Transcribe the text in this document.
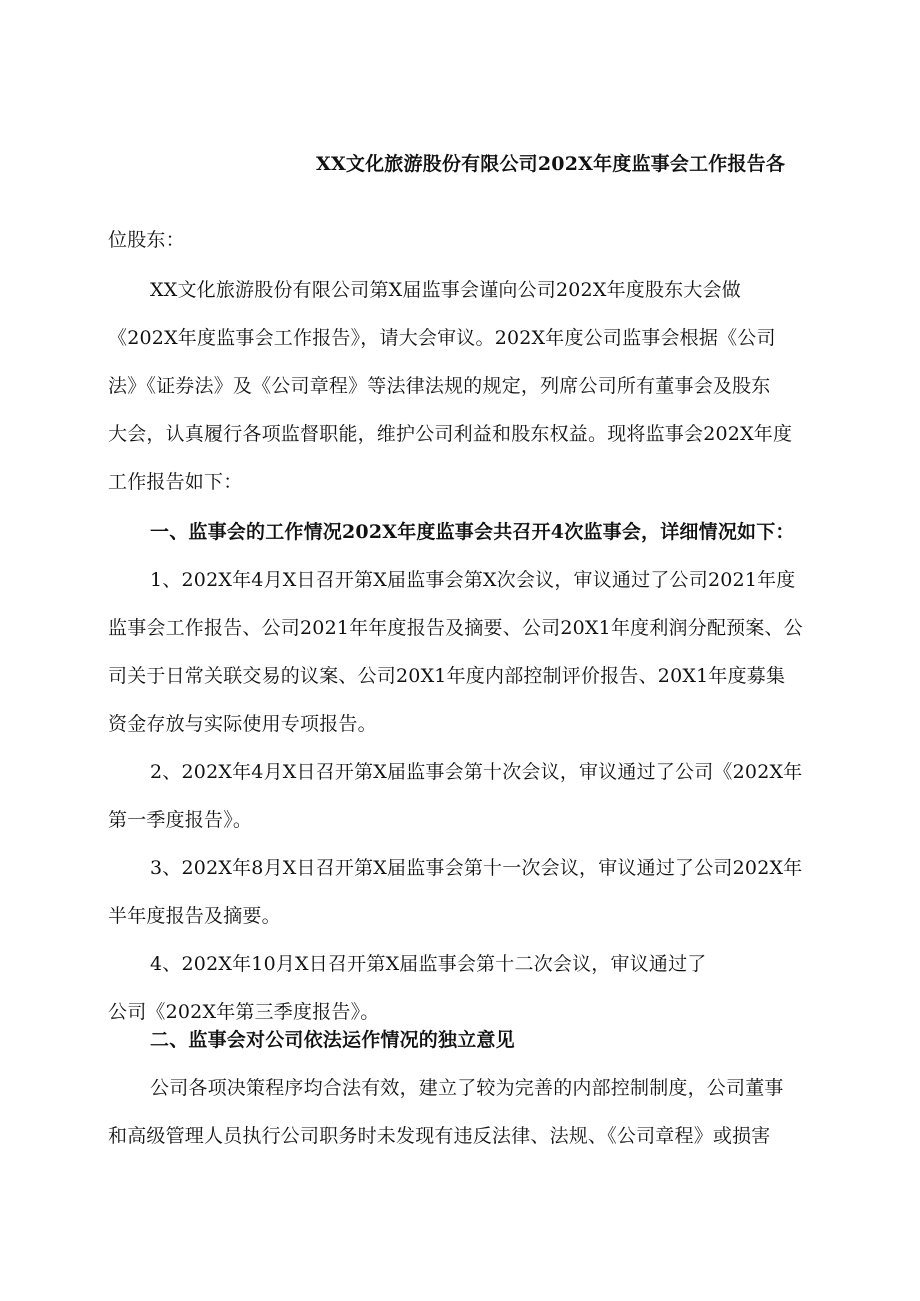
XX文化旅游股份有限公司202X年度监事会工作报告各
位股东：
XX文化旅游股份有限公司第X届监事会谨向公司202X年度股东大会做
《202X年度监事会工作报告》，请大会审议。202X年度公司监事会根据《公司
法》《证券法》及《公司章程》等法律法规的规定，列席公司所有董事会及股东
大会，认真履行各项监督职能，维护公司利益和股东权益。现将监事会202X年度
工作报告如下：
一、监事会的工作情况202X年度监事会共召开4次监事会，详细情况如下：
1、202X年4月X日召开第X届监事会第X次会议，审议通过了公司2021年度
监事会工作报告、公司2021年年度报告及摘要、公司20X1年度利润分配预案、公
司关于日常关联交易的议案、公司20X1年度内部控制评价报告、20X1年度募集
资金存放与实际使用专项报告。
2、202X年4月X日召开第X届监事会第十次会议，审议通过了公司《202X年
第一季度报告》。
3、202X年8月X日召开第X届监事会第十一次会议，审议通过了公司202X年
半年度报告及摘要。
4、202X年10月X日召开第X届监事会第十二次会议，审议通过了
公司《202X年第三季度报告》。
二、监事会对公司依法运作情况的独立意见
公司各项决策程序均合法有效，建立了较为完善的内部控制制度，公司董事
和高级管理人员执行公司职务时未发现有违反法律、法规、《公司章程》或损害
